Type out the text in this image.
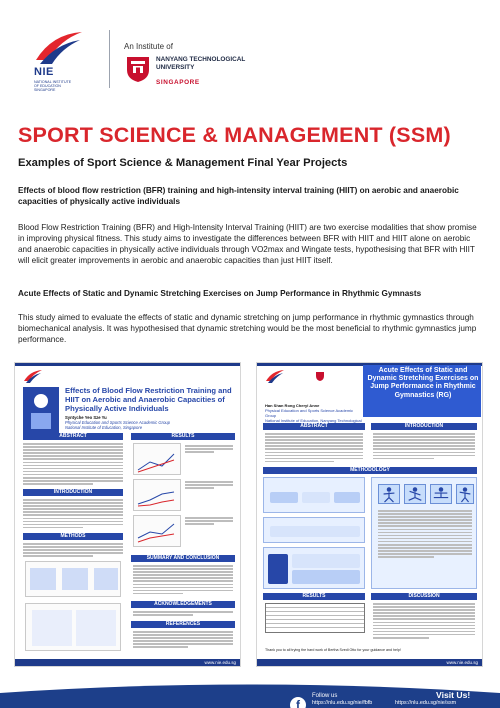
NIE
NATIONAL INSTITUTE OF EDUCATION SINGAPORE
An Institute of
NANYANG TECHNOLOGICAL UNIVERSITY
SINGAPORE
SPORT SCIENCE & MANAGEMENT (SSM)
Examples of Sport Science & Management Final Year Projects
Effects of blood flow restriction (BFR) training and high-intensity interval training (HIIT) on aerobic and anaerobic capacities of physically active individuals
Blood Flow Restriction Training (BFR) and High-Intensity Interval Training (HIIT) are two exercise modalities that show promise in improving physical fitness. This study aims to investigate the differences between BFR with HIIT and HIIT alone on aerobic and anaerobic capacities in physically active individuals through VO2max and Wingate tests, hypothesising that BFR with HIIT will elicit greater improvements in aerobic and anaerobic capacities than just HIIT itself.
Acute Effects of Static and Dynamic Stretching Exercises on Jump Performance in Rhythmic Gymnasts
This study aimed to evaluate the effects of static and dynamic stretching on jump performance in rhythmic gymnastics through biomechanical analysis. It was hypothesised that dynamic stretching would be the most beneficial to rhythmic gymnastics jump performance.
Effects of Blood Flow Restriction Training and HIIT on Aerobic and Anaerobic Capacities of Physically Active Individuals
Syntyche Yeo Sze Yu
Physical Education and Sports Science Academic Group
National Institute of Education, Singapore
ABSTRACT	RESULTS
INTRODUCTION
METHODS
SUMMARY AND CONCLUSION
ACKNOWLEDGEMENTS
REFERENCES
www.nie.edu.sg
Acute Effects of Static and Dynamic Stretching Exercises on Jump Performance in Rhythmic Gymnastics (RG)
Han Shan Rong Cheryl Anne
Physical Education and Sports Science Academic Group
National Institute of Education, Nanyang Technological
ABSTRACT	INTRODUCTION
METHODOLOGY
RESULTS	DISCUSSION
Thank you to all trying the hard work of Bertha Svedi Otto for your guidance and help!
www.nie.edu.sg
f
Follow us
https://nlu.edu.sg/nie/fbfb
Visit Us!
https://nlu.edu.sg/nie/ssm
